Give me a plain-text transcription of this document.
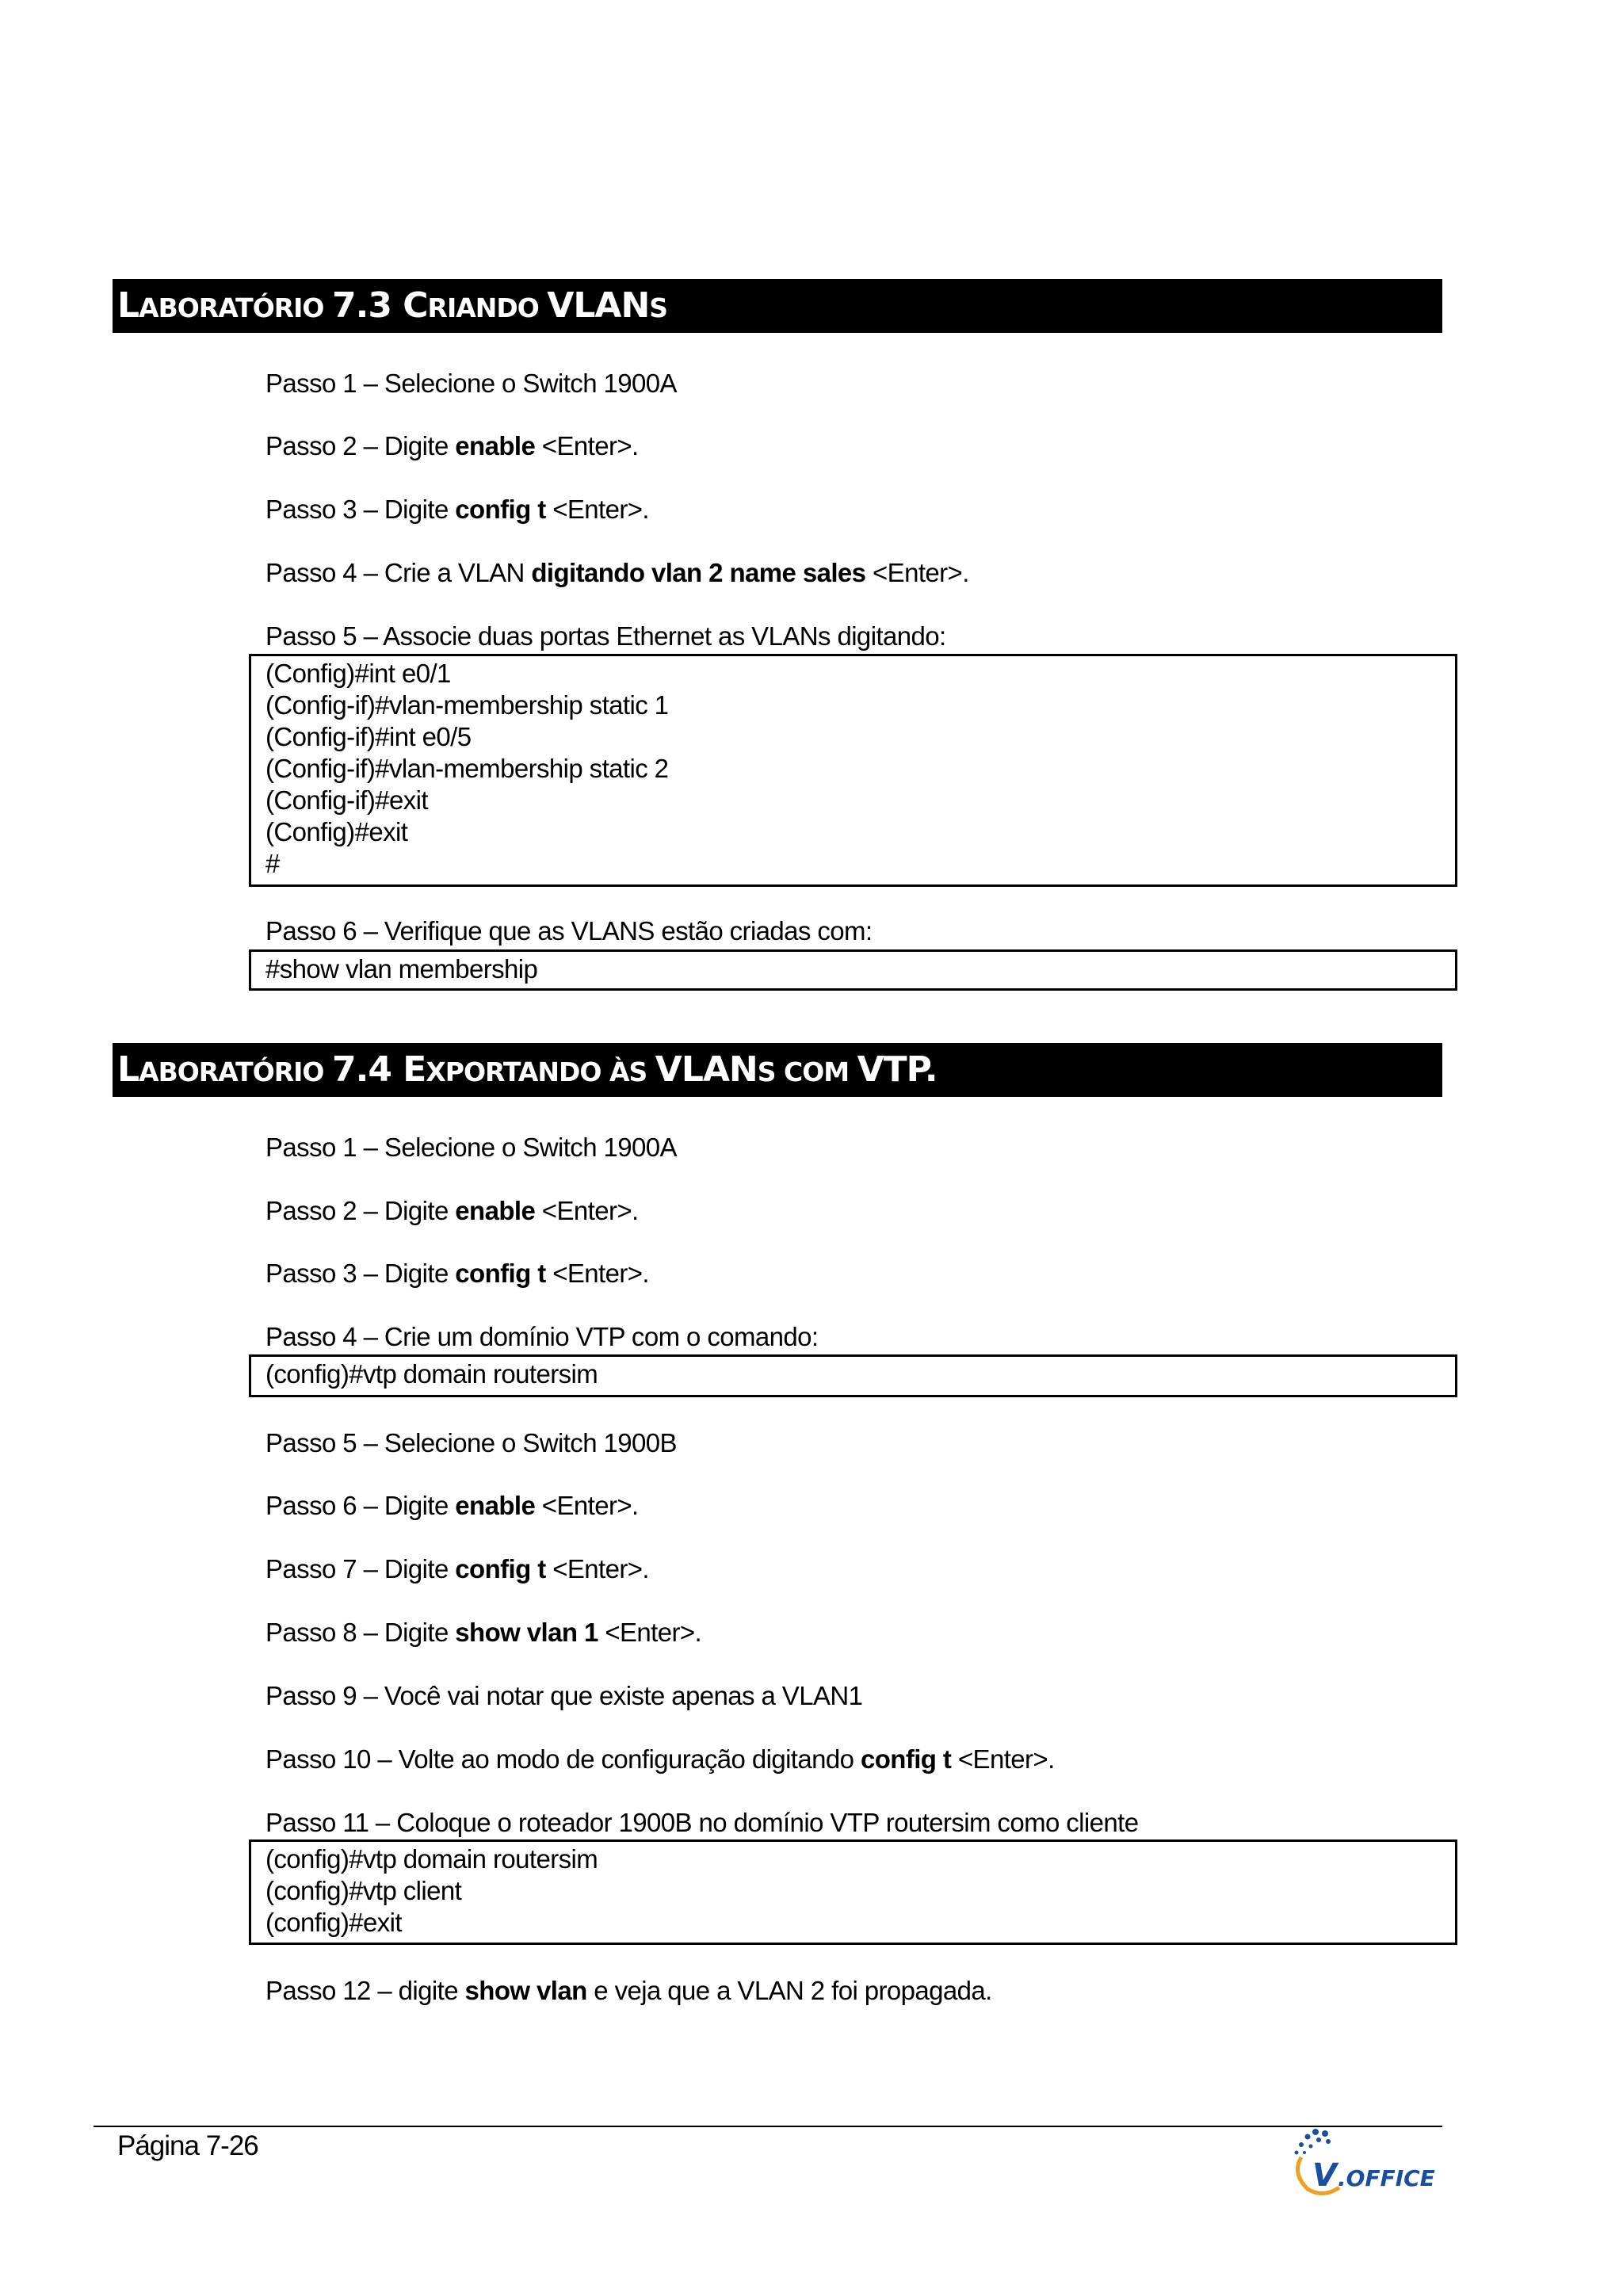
LABORATÓRIO 7.3 CRIANDO VLANS
Passo 1 – Selecione o Switch 1900A
Passo 2 – Digite enable <Enter>.
Passo 3 – Digite config t <Enter>.
Passo 4 – Crie a VLAN digitando vlan 2 name sales <Enter>.
Passo 5 – Associe duas portas Ethernet as VLANs digitando:
(Config)#int e0/1
(Config-if)#vlan-membership static 1
(Config-if)#int e0/5
(Config-if)#vlan-membership static 2
(Config-if)#exit
(Config)#exit
#
Passo 6 – Verifique que as VLANS estão criadas com:
#show vlan membership
LABORATÓRIO 7.4 EXPORTANDO ÀS VLANS COM VTP.
Passo 1 – Selecione o Switch 1900A
Passo 2 – Digite enable <Enter>.
Passo 3 – Digite config t <Enter>.
Passo 4 – Crie um domínio VTP com o comando:
(config)#vtp domain routersim
Passo 5 – Selecione o Switch 1900B
Passo 6 – Digite enable <Enter>.
Passo 7 – Digite config t <Enter>.
Passo 8 – Digite show vlan 1 <Enter>.
Passo 9 – Você vai notar que existe apenas a VLAN1
Passo 10 – Volte ao modo de configuração digitando config t <Enter>.
Passo 11 – Coloque o roteador 1900B no domínio VTP routersim como cliente
(config)#vtp domain routersim
(config)#vtp client
(config)#exit
Passo 12 – digite show vlan e veja que a VLAN 2 foi propagada.
Página 7-26
V .OFFICE
